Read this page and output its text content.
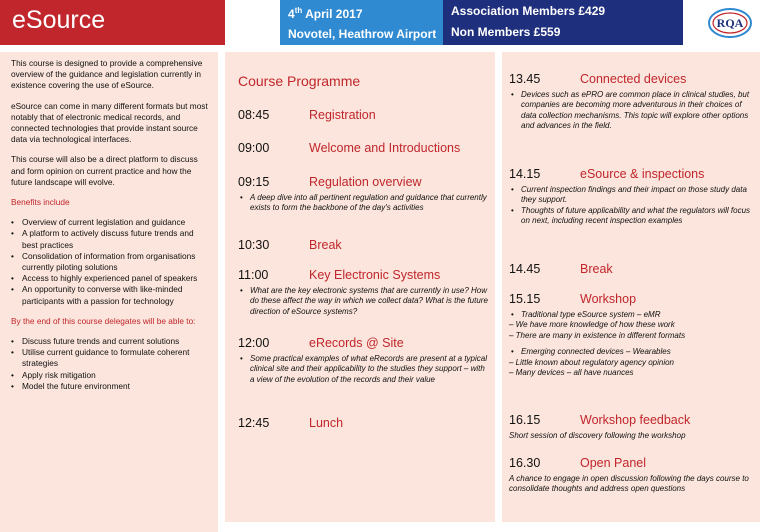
eSource	4th April 2017
Novotel, Heathrow Airport
Association Members £429
Non Members £559
RQA

This course is designed to provide a comprehensive overview of the guidance and legislation currently in existence covering the use of eSource.

eSource can come in many different formats but most notably that of electronic medical records, and connected technologies that provide instant source data via technological interfaces.

This course will also be a direct platform to discuss and form opinion on current practice and how the future landscape will evolve.

Benefits include
• Overview of current legislation and guidance
• A platform to actively discuss future trends and best practices
• Consolidation of information from organisations currently piloting solutions
• Access to highly experienced panel of speakers
• An opportunity to converse with like-minded participants with a passion for technology
By the end of this course delegates will be able to:
• Discuss future trends and current solutions
• Utilise current guidance to formulate coherent strategies
• Apply risk mitigation
• Model the future environment
Course Programme
08:45	Registration
09:00	Welcome and Introductions
09:15	Regulation overview
• A deep dive into all pertinent regulation and guidance that currently exists to form the backbone of the day's activities
10:30	Break
11:00	Key Electronic Systems
• What are the key electronic systems that are currently in use? How do these affect the way in which we collect data? What is the future direction of eSource systems?
12:00	eRecords @ Site
• Some practical examples of what eRecords are present at a typical clinical site and their applicability to the studies they support – with a view of the evolution of the records and their value
12:45	Lunch
13.45	Connected devices
• Devices such as ePRO are common place in clinical studies, but companies are becoming more adventurous in their choices of data collection mechanisms. This topic will explore other options and advances in the field.
14.15	eSource & inspections
• Current inspection findings and their impact on those study data they support.
• Thoughts of future applicability and what the regulators will focus on next, including recent inspection examples
14.45	Break
15.15	Workshop
• Traditional type eSource system – eMR
– We have more knowledge of how these work
– There are many in existence in different formats
• Emerging connected devices – Wearables
– Little known about regulatory agency opinion
– Many devices – all have nuances
16.15	Workshop feedback
Short session of discovery following the workshop
16.30	Open Panel
A chance to engage in open discussion following the days course to consolidate thoughts and address open questions
